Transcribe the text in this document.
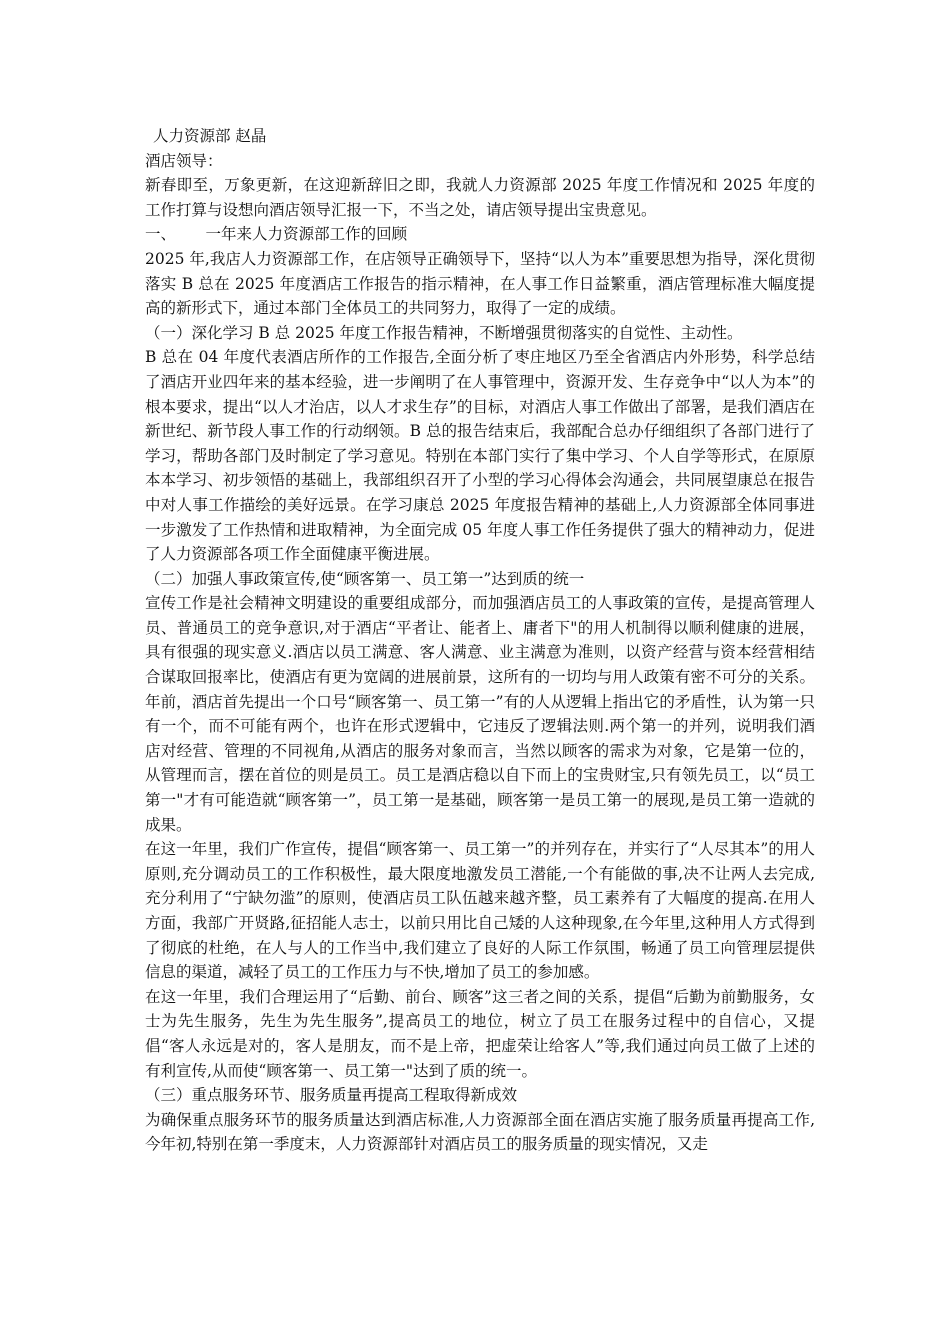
人力资源部 赵晶
酒店领导：

新春即至，万象更新，在这迎新辞旧之即，我就人力资源部 2025 年度工作情况和 2025 年度的工作打算与设想向酒店领导汇报一下，不当之处，请店领导提出宝贵意见。

一、      一年来人力资源部工作的回顾

2025 年,我店人力资源部工作，在店领导正确领导下，坚持“以人为本”重要思想为指导，深化贯彻落实 B 总在 2025 年度酒店工作报告的指示精神，在人事工作日益繁重，酒店管理标准大幅度提高的新形式下，通过本部门全体员工的共同努力，取得了一定的成绩。

（一）深化学习 B 总 2025 年度工作报告精神，不断增强贯彻落实的自觉性、主动性。

B 总在 04 年度代表酒店所作的工作报告,全面分析了枣庄地区乃至全省酒店内外形势，科学总结了酒店开业四年来的基本经验，进一步阐明了在人事管理中，资源开发、生存竞争中“以人为本”的根本要求，提出“以人才治店，以人才求生存”的目标，对酒店人事工作做出了部署，是我们酒店在新世纪、新节段人事工作的行动纲领。B 总的报告结束后，我部配合总办仔细组织了各部门进行了学习，帮助各部门及时制定了学习意见。特别在本部门实行了集中学习、个人自学等形式，在原原本本学习、初步领悟的基础上，我部组织召开了小型的学习心得体会沟通会，共同展望康总在报告中对人事工作描绘的美好远景。在学习康总 2025 年度报告精神的基础上,人力资源部全体同事进一步激发了工作热情和进取精神，为全面完成 05 年度人事工作任务提供了强大的精神动力，促进了人力资源部各项工作全面健康平衡进展。

（二）加强人事政策宣传,使“顾客第一、员工第一”达到质的统一

宣传工作是社会精神文明建设的重要组成部分，而加强酒店员工的人事政策的宣传，是提高管理人员、普通员工的竞争意识,对于酒店“平者让、能者上、庸者下"的用人机制得以顺利健康的进展，具有很强的现实意义.酒店以员工满意、客人满意、业主满意为准则，以资产经营与资本经营相结合谋取回报率比，使酒店有更为宽阔的进展前景，这所有的一切均与用人政策有密不可分的关系。年前，酒店首先提出一个口号“顾客第一、员工第一”有的人从逻辑上指出它的矛盾性，认为第一只有一个，而不可能有两个，也许在形式逻辑中，它违反了逻辑法则.两个第一的并列，说明我们酒店对经营、管理的不同视角,从酒店的服务对象而言，当然以顾客的需求为对象，它是第一位的，从管理而言，摆在首位的则是员工。员工是酒店稳以自下而上的宝贵财宝,只有领先员工，以“员工第一"才有可能造就“顾客第一”，员工第一是基础，顾客第一是员工第一的展现,是员工第一造就的成果。

在这一年里，我们广作宣传，提倡“顾客第一、员工第一”的并列存在，并实行了“人尽其本”的用人原则,充分调动员工的工作积极性，最大限度地激发员工潜能,一个有能做的事,决不让两人去完成,充分利用了“宁缺勿滥”的原则，使酒店员工队伍越来越齐整，员工素养有了大幅度的提高.在用人方面，我部广开贤路,征招能人志士，以前只用比自己矮的人这种现象,在今年里,这种用人方式得到了彻底的杜绝，在人与人的工作当中,我们建立了良好的人际工作氛围，畅通了员工向管理层提供信息的渠道，减轻了员工的工作压力与不快,增加了员工的参加感。

在这一年里，我们合理运用了“后勤、前台、顾客”这三者之间的关系，提倡“后勤为前勤服务，女士为先生服务，先生为先生服务”,提高员工的地位，树立了员工在服务过程中的自信心，又提倡“客人永远是对的，客人是朋友，而不是上帝，把虚荣让给客人”等,我们通过向员工做了上述的有利宣传,从而使“顾客第一、员工第一"达到了质的统一。

（三）重点服务环节、服务质量再提高工程取得新成效

为确保重点服务环节的服务质量达到酒店标准,人力资源部全面在酒店实施了服务质量再提高工作,今年初,特别在第一季度末，人力资源部针对酒店员工的服务质量的现实情况，又走
